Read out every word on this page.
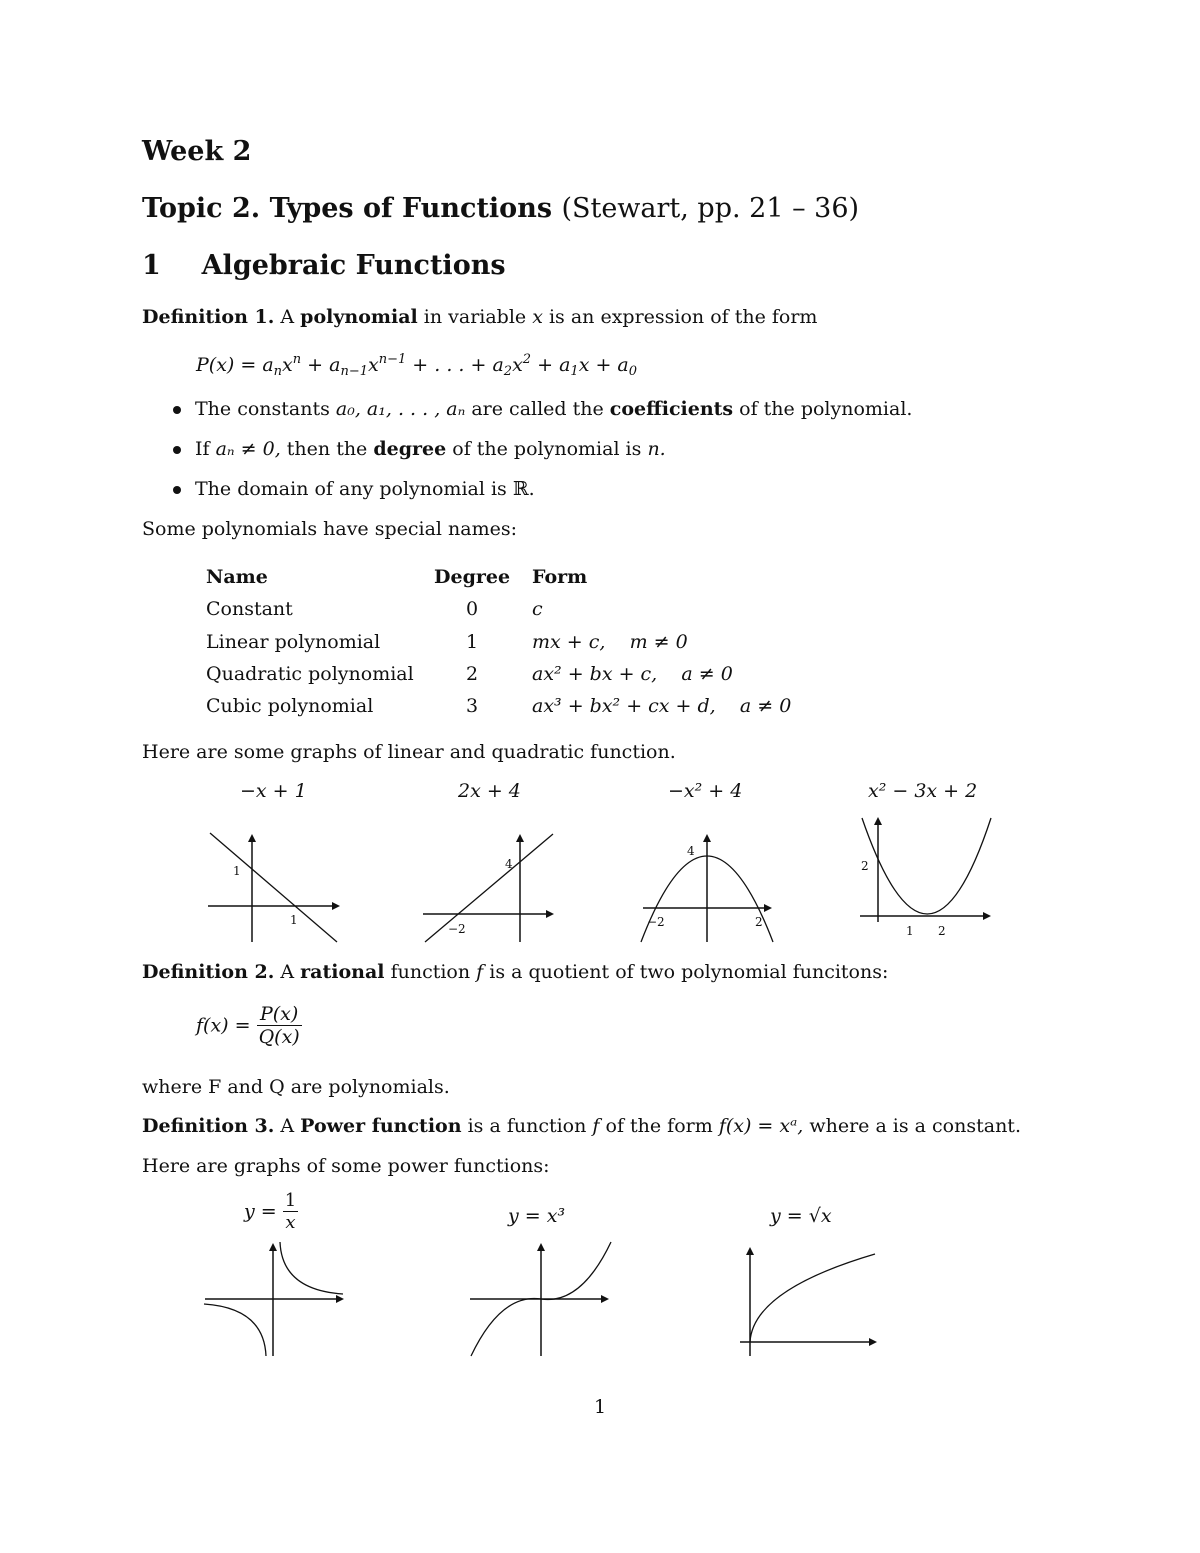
Week 2
Topic 2. Types of Functions (Stewart, pp. 21 – 36)
1 Algebraic Functions
Definition 1. A polynomial in variable x is an expression of the form
$P(x) = a_nx^n + a_{n-1}x^{n-1}$ + . . . + $a_2x^2 + a_1x + a_0$
The constants a₀, a₁, . . . , aₙ are called the coefficients of the polynomial.
If aₙ ≠ 0, then the degree of the polynomial is n.
The domain of any polynomial is ℝ.
Some polynomials have special names:
Name	Degree Form
Constant	0	c
Linear polynomial	1	mx + c,    m ≠ 0
Quadratic polynomial	2	ax² + bx + c,    a ≠ 0
Cubic polynomial	3	ax³ + bx² + cx + d,    a ≠ 0
Here are some graphs of linear and quadratic function.
−x + 1	2x + 4	−x² + 4	x² − 3x + 2
1
1
4
−2
4
−2	2
2
1 2
Definition 2. A rational function f is a quotient of two polynomial funcitons:
$f(x) = \frac{P(x)}{Q(x)}$
where F and Q are polynomials.
Definition 3. A Power function is a function f of the form f(x) = xᵃ, where a is a constant.
Here are graphs of some power functions:
$y = \frac{1}{x}$	y = x³	y = √x
1
